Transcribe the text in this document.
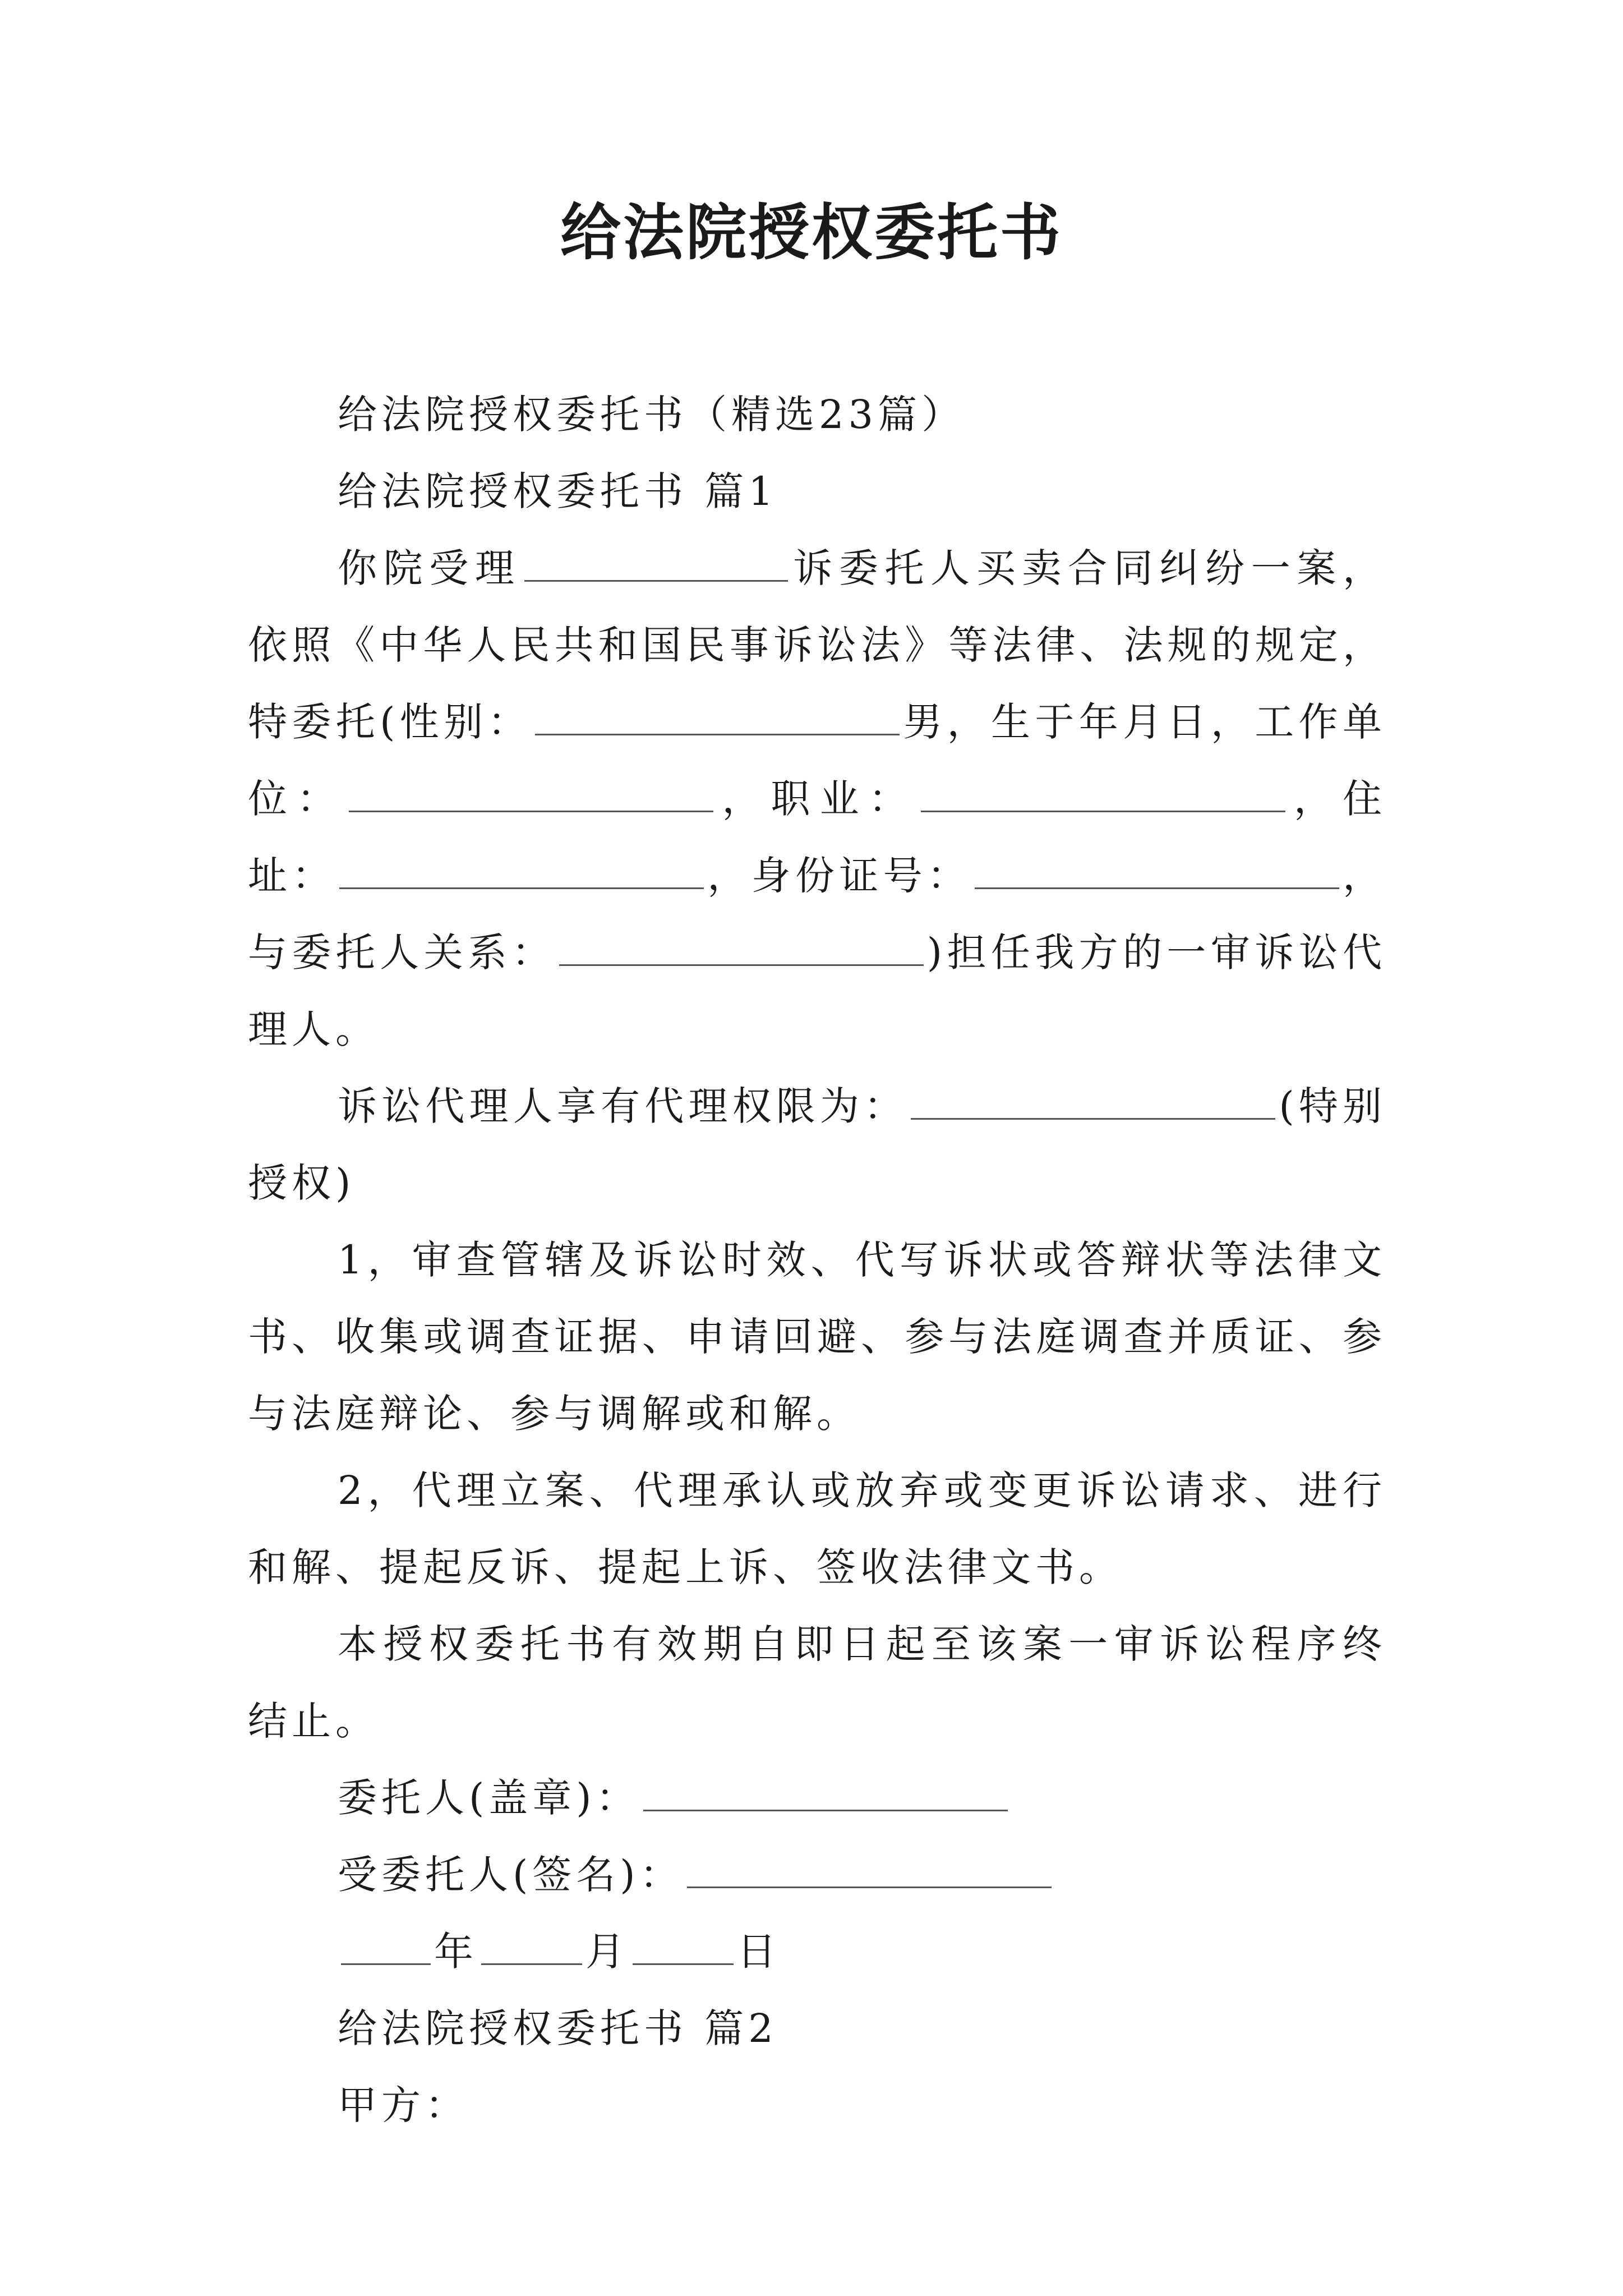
给法院授权委托书

给法院授权委托书（精选23篇）

给法院授权委托书 篇1

你院受理	诉委托人买卖合同纠纷一案，依照《中华人民共和国民事诉讼法》等法律、法规的规定，特委托(性别：	男，生于年月日，工作单位：	，职业：	，住址：	，身份证号：	，与委托人关系：	)担任我方的一审诉讼代理人。

诉讼代理人享有代理权限为：	(特别授权)

1，审查管辖及诉讼时效、代写诉状或答辩状等法律文书、收集或调查证据、申请回避、参与法庭调查并质证、参与法庭辩论、参与调解或和解。

2，代理立案、代理承认或放弃或变更诉讼请求、进行和解、提起反诉、提起上诉、签收法律文书。

本授权委托书有效期自即日起至该案一审诉讼程序终结止。

委托人(盖章)：

受委托人(签名)：

年	月	日

给法院授权委托书 篇2

甲方：
